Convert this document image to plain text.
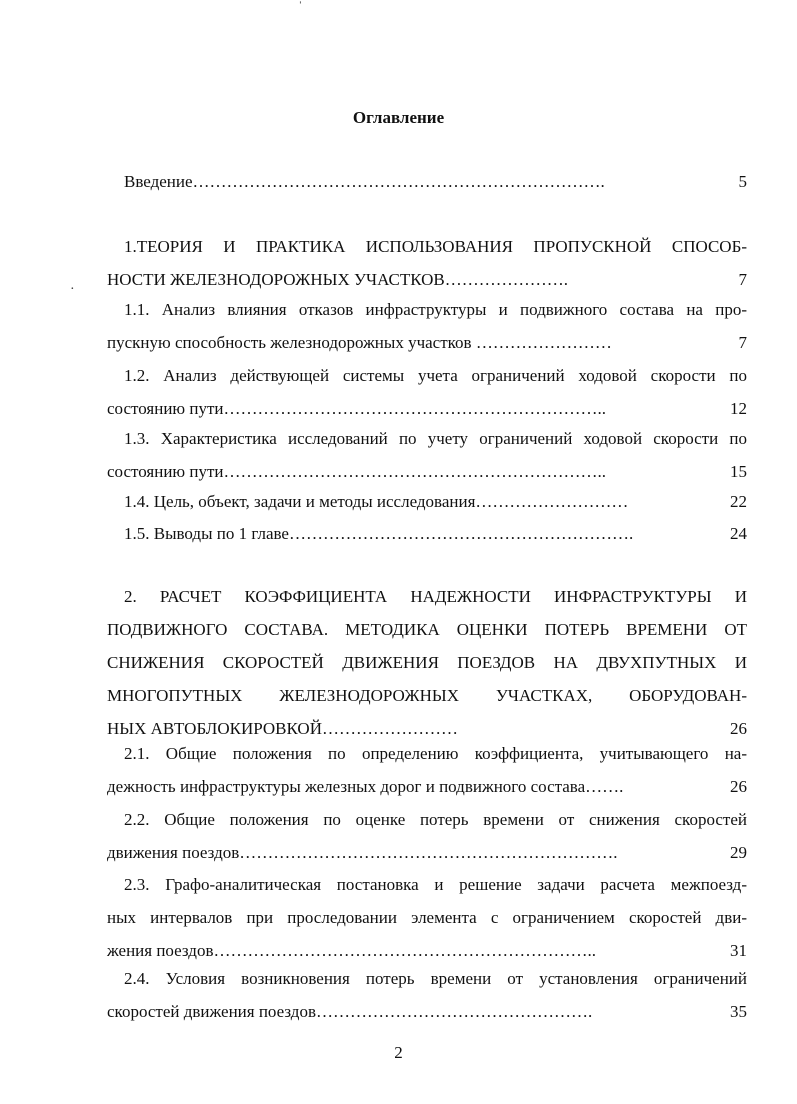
ˈ
·
Оглавление
Введение……………………………………………………………….	5
1.ТЕОРИЯ И ПРАКТИКА ИСПОЛЬЗОВАНИЯ ПРОПУСКНОЙ СПОСОБ-
НОСТИ ЖЕЛЕЗНОДОРОЖНЫХ УЧАСТКОВ………………….	7
1.1. Анализ влияния отказов инфраструктуры и подвижного состава на про-
пускную способность железнодорожных участков ……………………	7
1.2. Анализ действующей системы учета ограничений ходовой скорости по
состоянию пути…………………………………………………………..	12
1.3. Характеристика исследований по учету ограничений ходовой скорости по
состоянию пути…………………………………………………………..	15
1.4. Цель, объект, задачи и методы исследования………………………	22
1.5. Выводы по 1 главе…………………………………………………….	24
2. РАСЧЕТ КОЭФФИЦИЕНТА НАДЕЖНОСТИ ИНФРАСТРУКТУРЫ И
ПОДВИЖНОГО СОСТАВА. МЕТОДИКА ОЦЕНКИ ПОТЕРЬ ВРЕМЕНИ ОТ
СНИЖЕНИЯ СКОРОСТЕЙ ДВИЖЕНИЯ ПОЕЗДОВ НА ДВУХПУТНЫХ И
МНОГОПУТНЫХ ЖЕЛЕЗНОДОРОЖНЫХ УЧАСТКАХ, ОБОРУДОВАН-
НЫХ АВТОБЛОКИРОВКОЙ……………………	26
2.1. Общие положения по определению коэффициента, учитывающего на-
дежность инфраструктуры железных дорог и подвижного состава…….	26
2.2. Общие положения по оценке потерь времени от снижения скоростей
движения поездов………………………………………………………….	29
2.3. Графо-аналитическая постановка и решение задачи расчета межпоезд-
ных интервалов при проследовании элемента с ограничением скоростей дви-
жения поездов…………………………………………………………..	31
2.4. Условия возникновения потерь времени от установления ограничений
скоростей движения поездов………………………………………….	35
2
